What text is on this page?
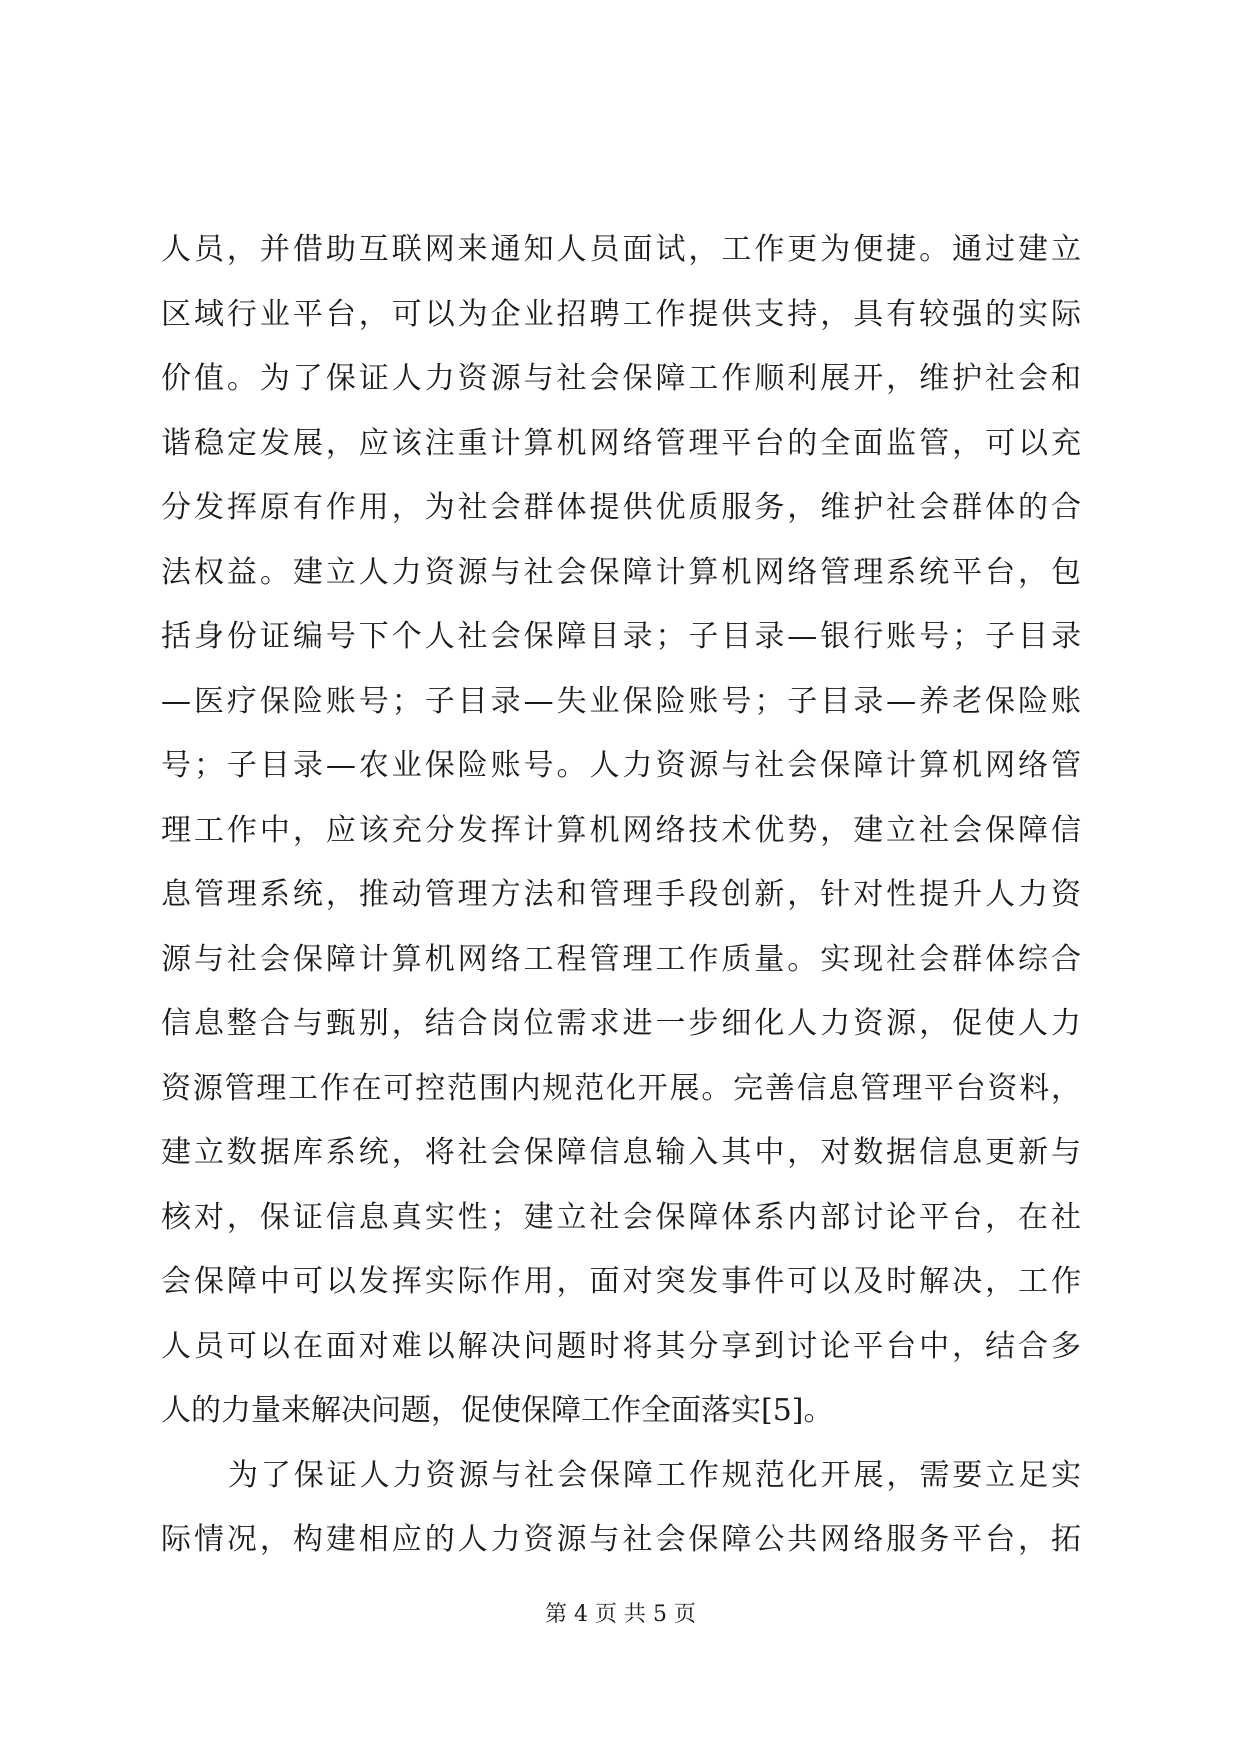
人员，并借助互联网来通知人员面试，工作更为便捷。通过建立
区域行业平台，可以为企业招聘工作提供支持，具有较强的实际
价值。为了保证人力资源与社会保障工作顺利展开，维护社会和
谐稳定发展，应该注重计算机网络管理平台的全面监管，可以充
分发挥原有作用，为社会群体提供优质服务，维护社会群体的合
法权益。建立人力资源与社会保障计算机网络管理系统平台，包
括身份证编号下个人社会保障目录；子目录—银行账号；子目录
—医疗保险账号；子目录—失业保险账号；子目录—养老保险账
号；子目录—农业保险账号。人力资源与社会保障计算机网络管
理工作中，应该充分发挥计算机网络技术优势，建立社会保障信
息管理系统，推动管理方法和管理手段创新，针对性提升人力资
源与社会保障计算机网络工程管理工作质量。实现社会群体综合
信息整合与甄别，结合岗位需求进一步细化人力资源，促使人力
资源管理工作在可控范围内规范化开展。完善信息管理平台资料，
建立数据库系统，将社会保障信息输入其中，对数据信息更新与
核对，保证信息真实性；建立社会保障体系内部讨论平台，在社
会保障中可以发挥实际作用，面对突发事件可以及时解决，工作
人员可以在面对难以解决问题时将其分享到讨论平台中，结合多
人的力量来解决问题，促使保障工作全面落实[5]。
为了保证人力资源与社会保障工作规范化开展，需要立足实
际情况，构建相应的人力资源与社会保障公共网络服务平台，拓
第 4 页 共 5 页
